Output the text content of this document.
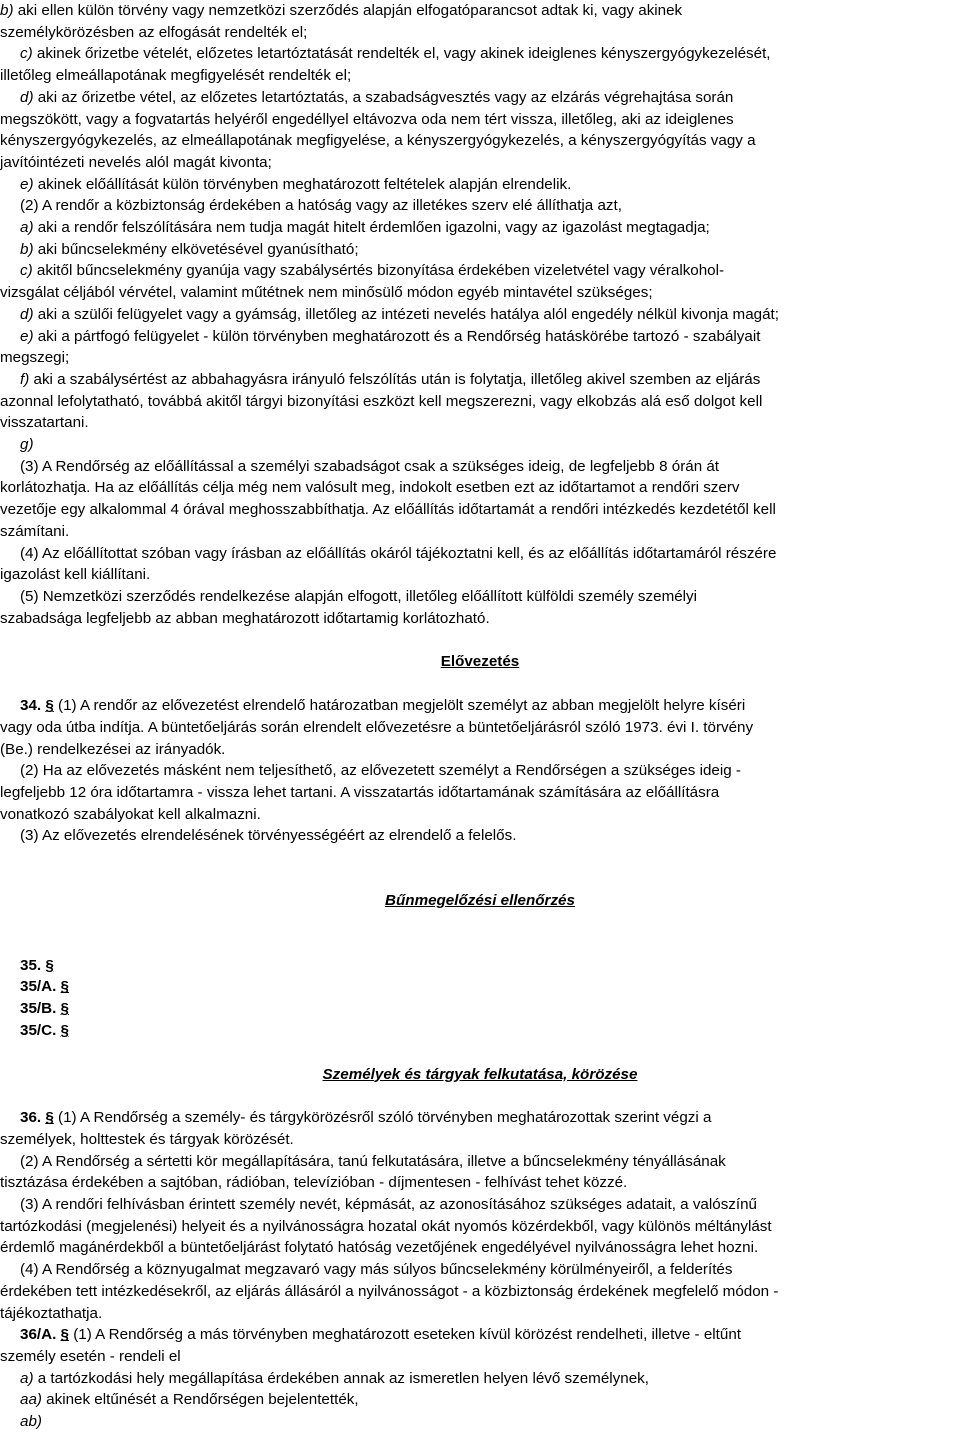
b) aki ellen külön törvény vagy nemzetközi szerződés alapján elfogatóparancsot adtak ki, vagy akinek
személykörözésben az elfogását rendelték el;
c) akinek őrizetbe vételét, előzetes letartóztatását rendelték el, vagy akinek ideiglenes kényszergyógykezelését,
illetőleg elmeállapotának megfigyelését rendelték el;
d) aki az őrizetbe vétel, az előzetes letartóztatás, a szabadságvesztés vagy az elzárás végrehajtása során
megszökött, vagy a fogvatartás helyéről engedéllyel eltávozva oda nem tért vissza, illetőleg, aki az ideiglenes
kényszergyógykezelés, az elmeállapotának megfigyelése, a kényszergyógykezelés, a kényszergyógyítás vagy a
javítóintézeti nevelés alól magát kivonta;
e) akinek előállítását külön törvényben meghatározott feltételek alapján elrendelik.
(2) A rendőr a közbiztonság érdekében a hatóság vagy az illetékes szerv elé állíthatja azt,
a) aki a rendőr felszólítására nem tudja magát hitelt érdemlően igazolni, vagy az igazolást megtagadja;
b) aki bűncselekmény elkövetésével gyanúsítható;
c) akitől bűncselekmény gyanúja vagy szabálysértés bizonyítása érdekében vizeletvétel vagy véralkohol-
vizsgálat céljából vérvétel, valamint műtétnek nem minősülő módon egyéb mintavétel szükséges;
d) aki a szülői felügyelet vagy a gyámság, illetőleg az intézeti nevelés hatálya alól engedély nélkül kivonja magát;
e) aki a pártfogó felügyelet - külön törvényben meghatározott és a Rendőrség hatáskörébe tartozó - szabályait
megszegi;
f) aki a szabálysértést az abbahagyásra irányuló felszólítás után is folytatja, illetőleg akivel szemben az eljárás
azonnal lefolytatható, továbbá akitől tárgyi bizonyítási eszközt kell megszerezni, vagy elkobzás alá eső dolgot kell
visszatartani.
g)
(3) A Rendőrség az előállítással a személyi szabadságot csak a szükséges ideig, de legfeljebb 8 órán át
korlátozhatja. Ha az előállítás célja még nem valósult meg, indokolt esetben ezt az időtartamot a rendőri szerv
vezetője egy alkalommal 4 órával meghosszabbíthatja. Az előállítás időtartamát a rendőri intézkedés kezdetétől kell
számítani.
(4) Az előállítottat szóban vagy írásban az előállítás okáról tájékoztatni kell, és az előállítás időtartamáról részére
igazolást kell kiállítani.
(5) Nemzetközi szerződés rendelkezése alapján elfogott, illetőleg előállított külföldi személy személyi
szabadsága legfeljebb az abban meghatározott időtartamig korlátozható.

Elővezetés

34. § (1) A rendőr az elővezetést elrendelő határozatban megjelölt személyt az abban megjelölt helyre kíséri
vagy oda útba indítja. A büntetőeljárás során elrendelt elővezetésre a büntetőeljárásról szóló 1973. évi I. törvény
(Be.) rendelkezései az irányadók.
(2) Ha az elővezetés másként nem teljesíthető, az elővezetett személyt a Rendőrségen a szükséges ideig -
legfeljebb 12 óra időtartamra - vissza lehet tartani. A visszatartás időtartamának számítására az előállításra
vonatkozó szabályokat kell alkalmazni.
(3) Az elővezetés elrendelésének törvényességéért az elrendelő a felelős.

Bűnmegelőzési ellenőrzés

35. §
35/A. §
35/B. §
35/C. §

Személyek és tárgyak felkutatása, körözése

36. § (1) A Rendőrség a személy- és tárgykörözésről szóló törvényben meghatározottak szerint végzi a
személyek, holttestek és tárgyak körözését.
(2) A Rendőrség a sértetti kör megállapítására, tanú felkutatására, illetve a bűncselekmény tényállásának
tisztázása érdekében a sajtóban, rádióban, televízióban - díjmentesen - felhívást tehet közzé.
(3) A rendőri felhívásban érintett személy nevét, képmását, az azonosításához szükséges adatait, a valószínű
tartózkodási (megjelenési) helyeit és a nyilvánosságra hozatal okát nyomós közérdekből, vagy különös méltánylást
érdemlő magánérdekből a büntetőeljárást folytató hatóság vezetőjének engedélyével nyilvánosságra lehet hozni.
(4) A Rendőrség a köznyugalmat megzavaró vagy más súlyos bűncselekmény körülményeiről, a felderítés
érdekében tett intézkedésekről, az eljárás állásáról a nyilvánosságot - a közbiztonság érdekének megfelelő módon -
tájékoztathatja.
36/A. § (1) A Rendőrség a más törvényben meghatározott eseteken kívül körözést rendelheti, illetve - eltűnt
személy esetén - rendeli el
a) a tartózkodási hely megállapítása érdekében annak az ismeretlen helyen lévő személynek,
aa) akinek eltűnését a Rendőrségen bejelentették,
ab)
